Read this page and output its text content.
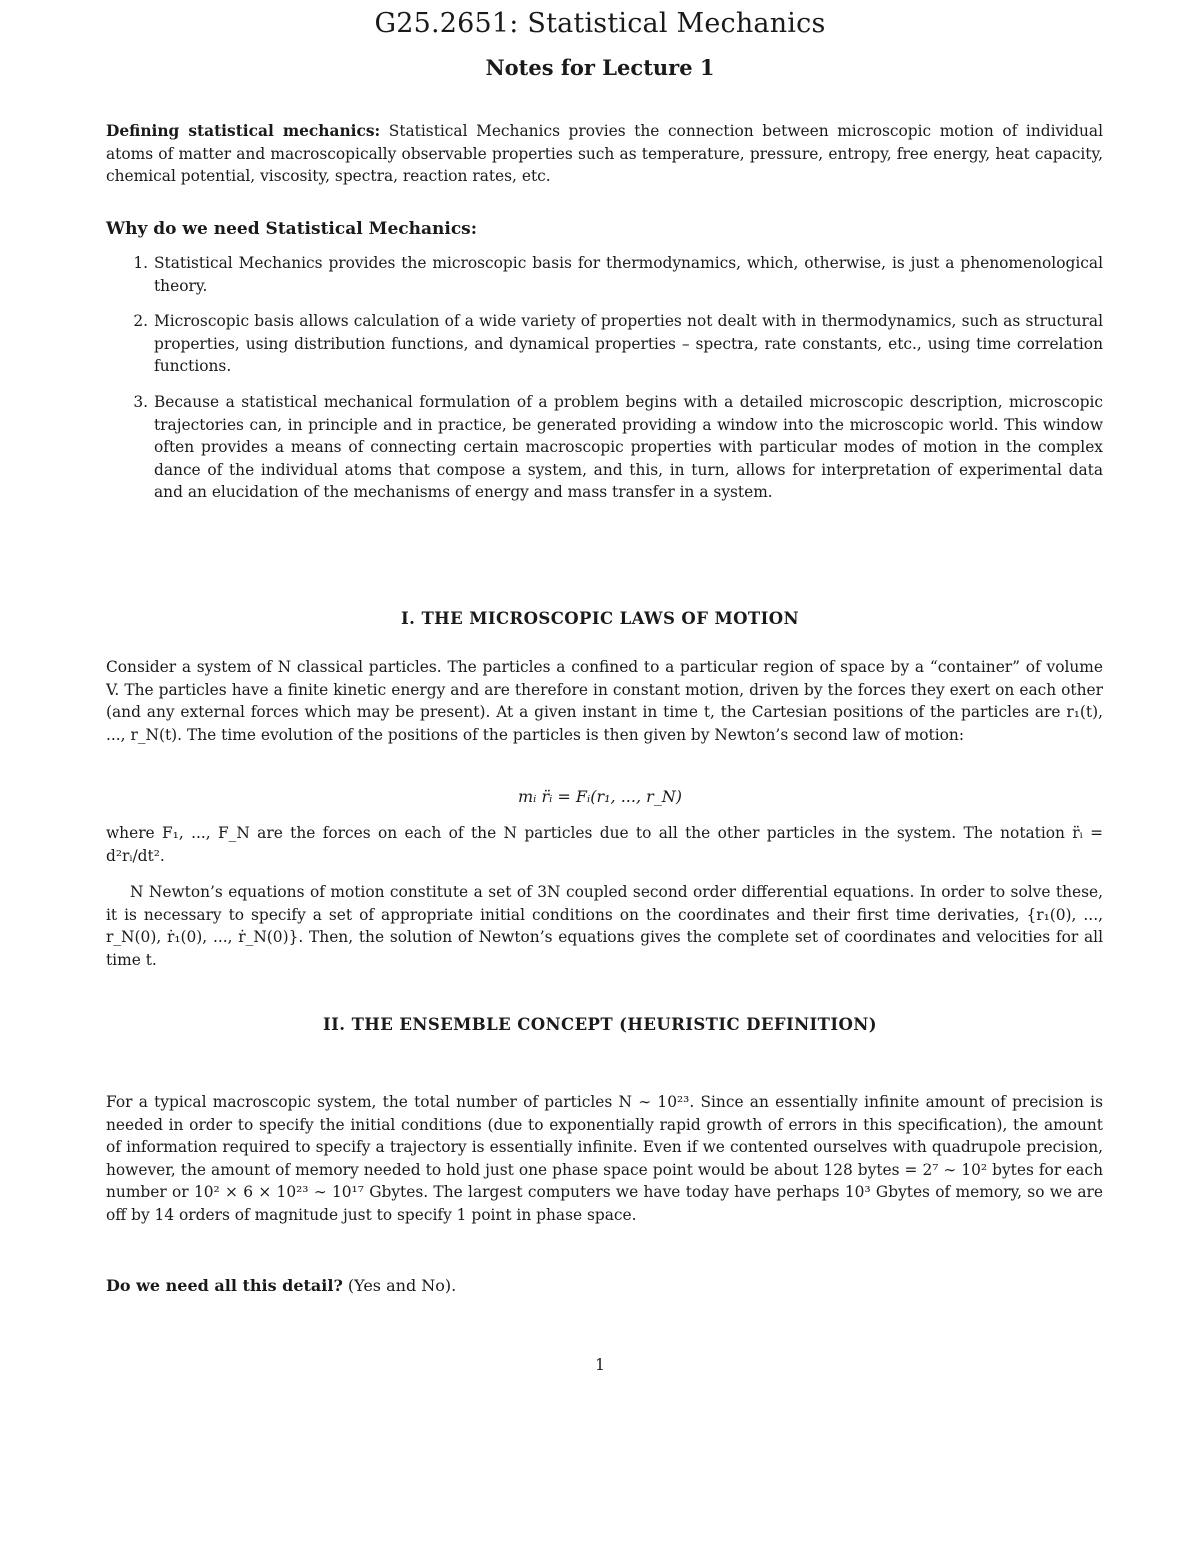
G25.2651: Statistical Mechanics
Notes for Lecture 1
Defining statistical mechanics: Statistical Mechanics provies the connection between microscopic motion of individual atoms of matter and macroscopically observable properties such as temperature, pressure, entropy, free energy, heat capacity, chemical potential, viscosity, spectra, reaction rates, etc.
Why do we need Statistical Mechanics:
1. Statistical Mechanics provides the microscopic basis for thermodynamics, which, otherwise, is just a phenomenological theory.
2. Microscopic basis allows calculation of a wide variety of properties not dealt with in thermodynamics, such as structural properties, using distribution functions, and dynamical properties – spectra, rate constants, etc., using time correlation functions.
3. Because a statistical mechanical formulation of a problem begins with a detailed microscopic description, microscopic trajectories can, in principle and in practice, be generated providing a window into the microscopic world. This window often provides a means of connecting certain macroscopic properties with particular modes of motion in the complex dance of the individual atoms that compose a system, and this, in turn, allows for interpretation of experimental data and an elucidation of the mechanisms of energy and mass transfer in a system.
I. THE MICROSCOPIC LAWS OF MOTION
Consider a system of N classical particles. The particles a confined to a particular region of space by a “container” of volume V. The particles have a finite kinetic energy and are therefore in constant motion, driven by the forces they exert on each other (and any external forces which may be present). At a given instant in time t, the Cartesian positions of the particles are r₁(t), ..., r_N(t). The time evolution of the positions of the particles is then given by Newton’s second law of motion:
mᵢ r̈ᵢ = Fᵢ(r₁, ..., r_N)
where F₁, ..., F_N are the forces on each of the N particles due to all the other particles in the system. The notation r̈ᵢ = d²rᵢ/dt².
N Newton’s equations of motion constitute a set of 3N coupled second order differential equations. In order to solve these, it is necessary to specify a set of appropriate initial conditions on the coordinates and their first time derivaties, {r₁(0), ..., r_N(0), ṙ₁(0), ..., ṙ_N(0)}. Then, the solution of Newton’s equations gives the complete set of coordinates and velocities for all time t.
II. THE ENSEMBLE CONCEPT (HEURISTIC DEFINITION)
For a typical macroscopic system, the total number of particles N ∼ 10²³. Since an essentially infinite amount of precision is needed in order to specify the initial conditions (due to exponentially rapid growth of errors in this specification), the amount of information required to specify a trajectory is essentially infinite. Even if we contented ourselves with quadrupole precision, however, the amount of memory needed to hold just one phase space point would be about 128 bytes = 2⁷ ∼ 10² bytes for each number or 10² × 6 × 10²³ ∼ 10¹⁷ Gbytes. The largest computers we have today have perhaps 10³ Gbytes of memory, so we are off by 14 orders of magnitude just to specify 1 point in phase space.
Do we need all this detail? (Yes and No).
1
